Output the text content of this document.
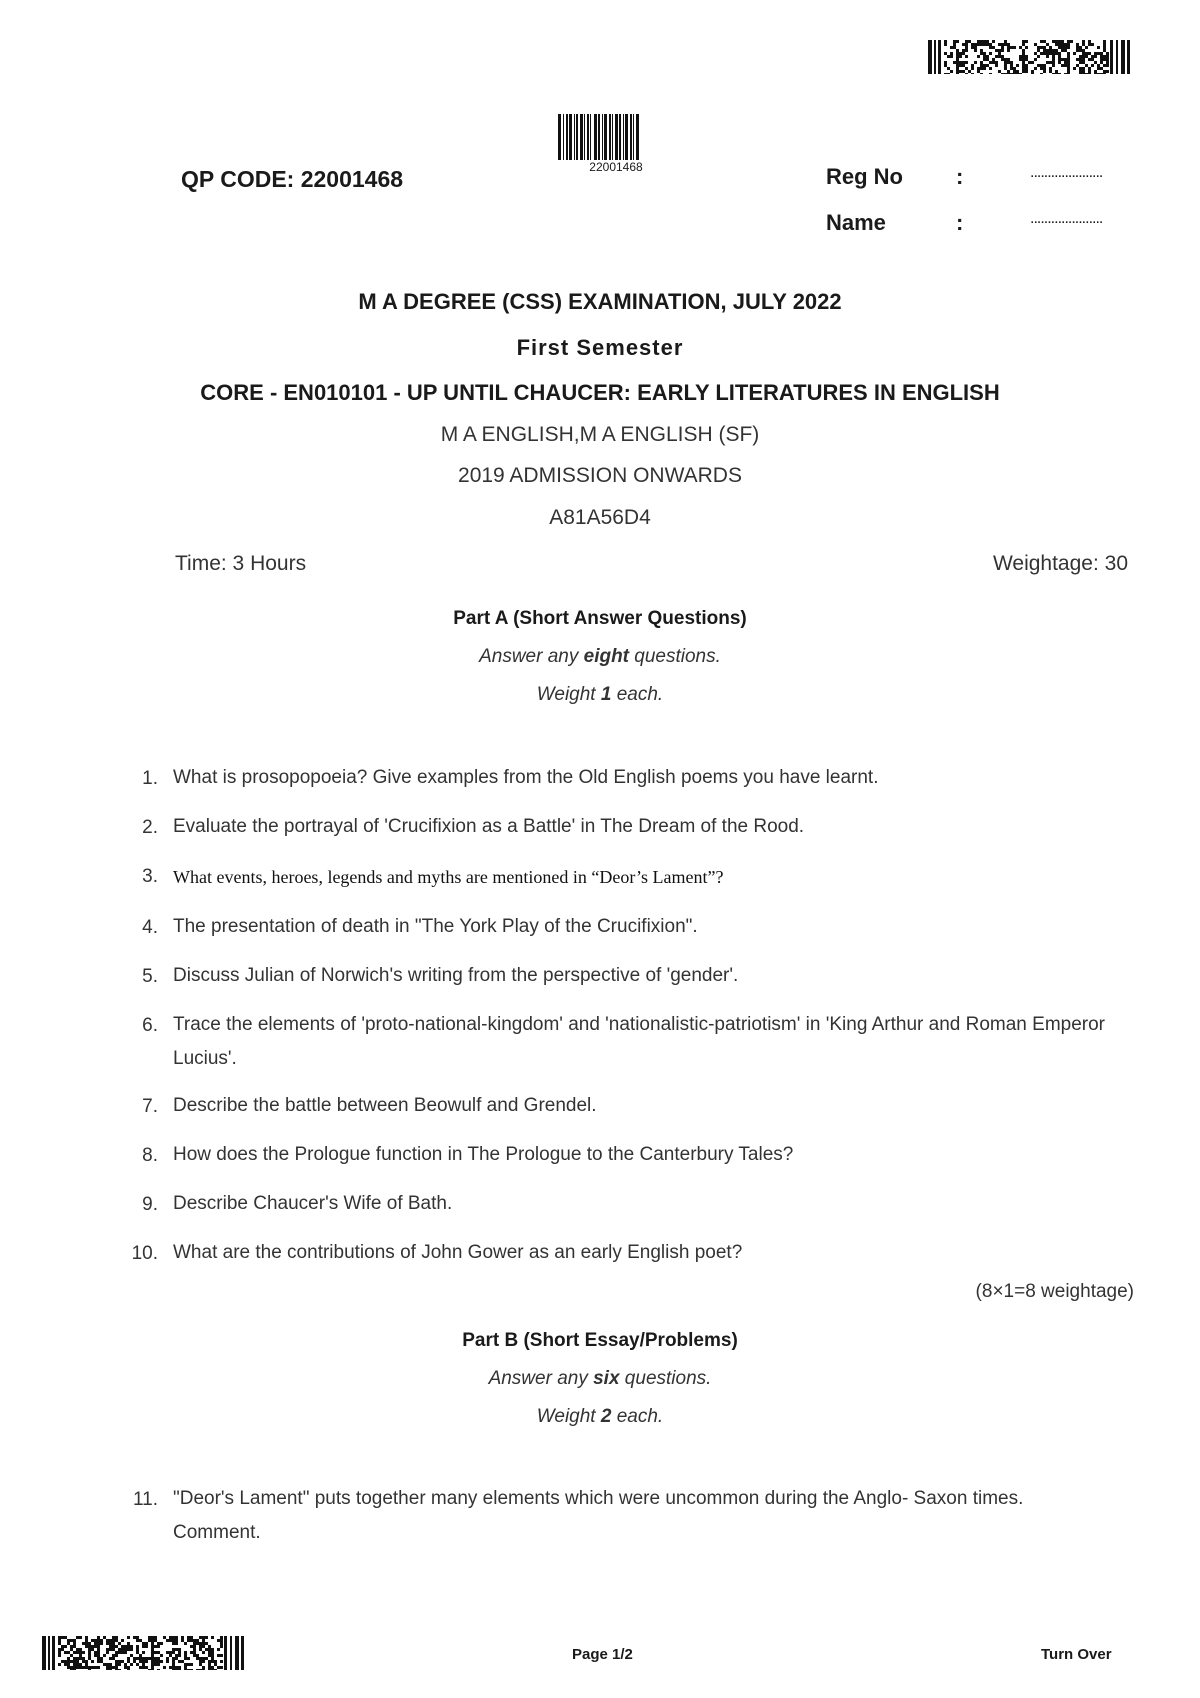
22001468
QP CODE: 22001468	Reg No :	.....................
Name	:	.....................
M A DEGREE (CSS) EXAMINATION, JULY 2022
First Semester
CORE - EN010101 - UP UNTIL CHAUCER: EARLY LITERATURES IN ENGLISH
M A ENGLISH,M A ENGLISH (SF)
2019 ADMISSION ONWARDS
A81A56D4
Time: 3 Hours	Weightage: 30
Part A (Short Answer Questions)
Answer any eight questions.
Weight 1 each.
1. What is prosopopoeia? Give examples from the Old English poems you have learnt.
2. Evaluate the portrayal of 'Crucifixion as a Battle' in The Dream of the Rood.
3. What events, heroes, legends and myths are mentioned in “Deor’s Lament”?
4. The presentation of death in "The York Play of the Crucifixion".
5. Discuss Julian of Norwich's writing from the perspective of 'gender'.
6. Trace the elements of 'proto-national-kingdom' and 'nationalistic-patriotism' in 'King Arthur and Roman Emperor Lucius'.
7. Describe the battle between Beowulf and Grendel.
8. How does the Prologue function in The Prologue to the Canterbury Tales?
9. Describe Chaucer's Wife of Bath.
10. What are the contributions of John Gower as an early English poet?
(8×1=8 weightage)
Part B (Short Essay/Problems)
Answer any six questions.
Weight 2 each.
11. "Deor's Lament" puts together many elements which were uncommon during the Anglo- Saxon times. Comment.
Page 1/2	Turn Over
